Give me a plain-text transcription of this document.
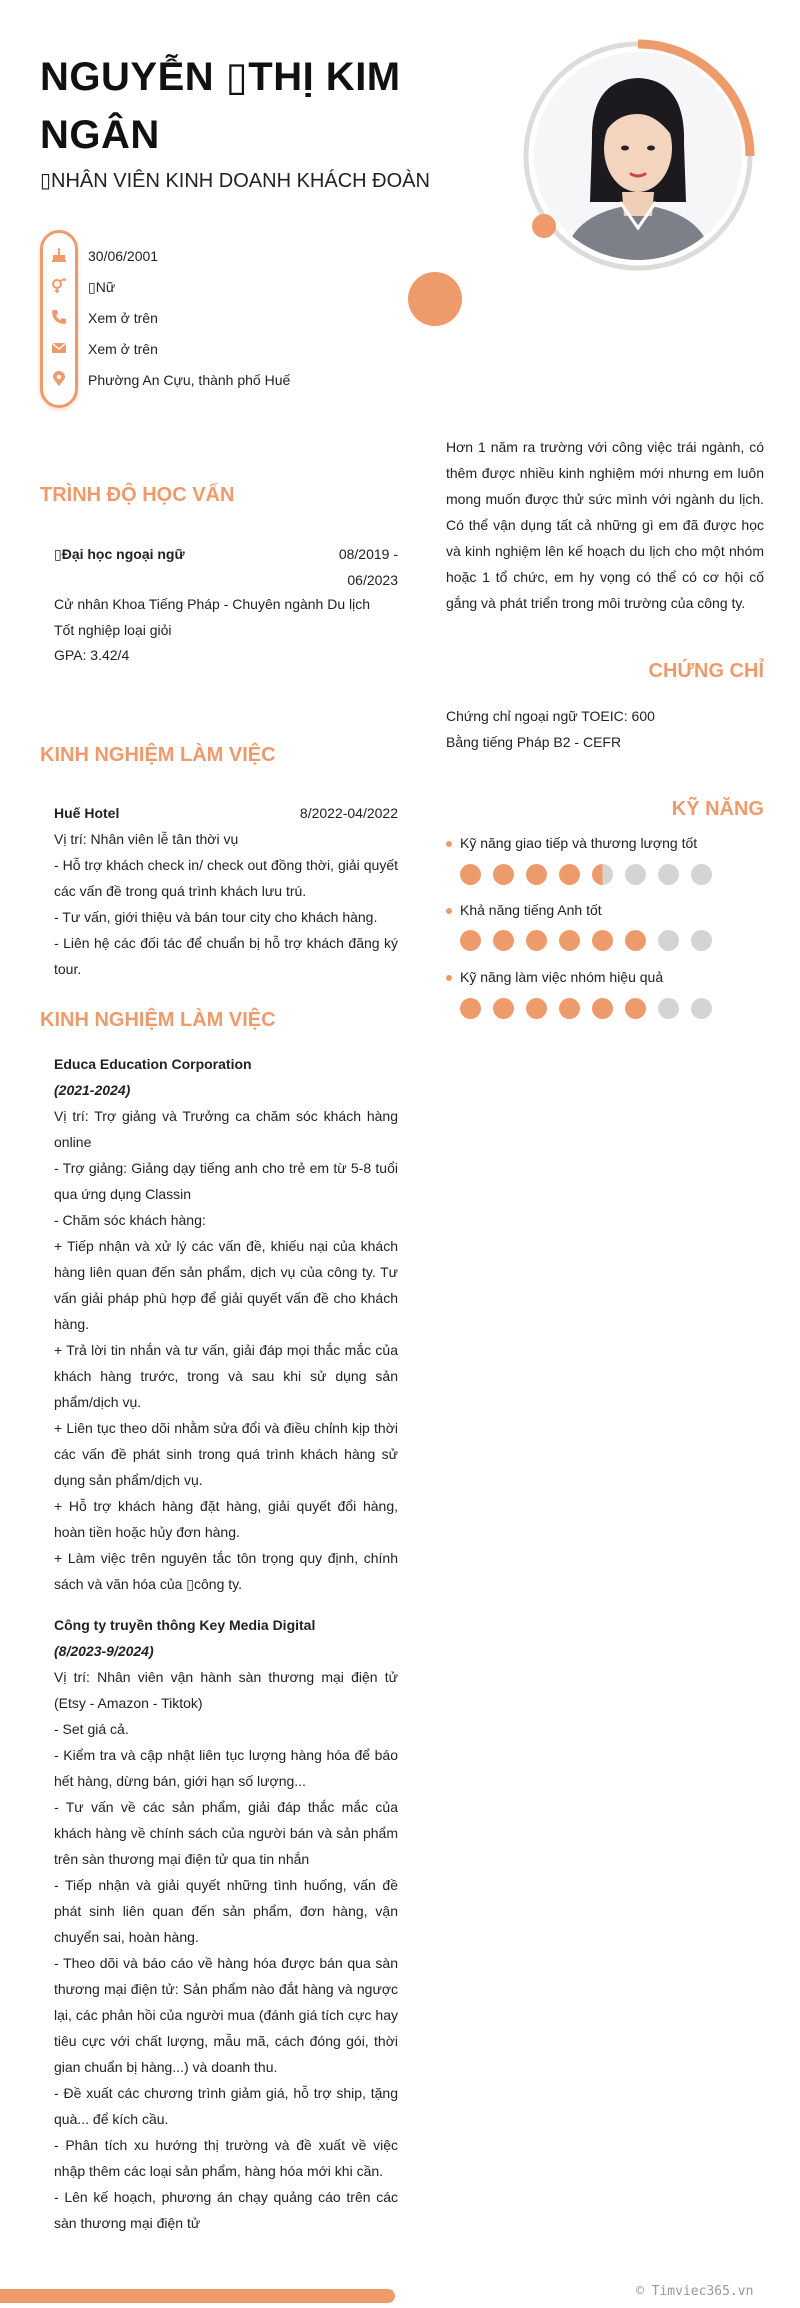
NGUYỄN ▯THỊ KIM NGÂN
▯NHÂN VIÊN KINH DOANH KHÁCH ĐOÀN
30/06/2001
▯Nữ
Xem ở trên
Xem ở trên
Phường An Cựu, thành phố Huế
Hơn 1 năm ra trường với công việc trái ngành, có thêm được nhiều kinh nghiệm mới nhưng em luôn mong muốn được thử sức mình với ngành du lịch. Có thể vận dụng tất cả những gì em đã được học và kinh nghiệm lên kế hoạch du lịch cho một nhóm hoặc 1 tổ chức, em hy vọng có thể có cơ hội cố gắng và phát triển trong môi trường của công ty.
TRÌNH ĐỘ HỌC VẤN
▯Đại học ngoại ngữ	08/2019 -
06/2023
Cử nhân Khoa Tiếng Pháp - Chuyên ngành Du lịch
Tốt nghiệp loại giỏi
GPA: 3.42/4
CHỨNG CHỈ
Chứng chỉ ngoại ngữ TOEIC: 600
Bằng tiếng Pháp B2 - CEFR
KỸ NĂNG
Kỹ năng giao tiếp và thương lượng tốt
Khả năng tiếng Anh tốt
Kỹ năng làm việc nhóm hiệu quả
KINH NGHIỆM LÀM VIỆC
Huế Hotel	8/2022-04/2022
Vị trí: Nhân viên lễ tân thời vụ
- Hỗ trợ khách check in/ check out đồng thời, giải quyết các vấn đề trong quá trình khách lưu trú.
- Tư vấn, giới thiệu và bán tour city cho khách hàng.
- Liên hệ các đối tác để chuẩn bị hỗ trợ khách đăng ký tour.
KINH NGHIỆM LÀM VIỆC
Educa Education Corporation
(2021-2024)
Vị trí: Trợ giảng và Trưởng ca chăm sóc khách hàng online
- Trợ giảng: Giảng dạy tiếng anh cho trẻ em từ 5-8 tuổi qua ứng dụng Classin
- Chăm sóc khách hàng:
+ Tiếp nhận và xử lý các vấn đề, khiếu nại của khách hàng liên quan đến sản phẩm, dịch vụ của công ty. Tư vấn giải pháp phù hợp để giải quyết vấn đề cho khách hàng.
+ Trả lời tin nhắn và tư vấn, giải đáp mọi thắc mắc của khách hàng trước, trong và sau khi sử dụng sản phẩm/dịch vụ.
+ Liên tục theo dõi nhằm sửa đổi và điều chỉnh kịp thời các vấn đề phát sinh trong quá trình khách hàng sử dụng sản phẩm/dịch vụ.
+ Hỗ trợ khách hàng đặt hàng, giải quyết đổi hàng, hoàn tiền hoặc hủy đơn hàng.
+ Làm việc trên nguyên tắc tôn trọng quy định, chính sách và văn hóa của ▯công ty.
Công ty truyền thông Key Media Digital
(8/2023-9/2024)
Vị trí: Nhân viên vận hành sàn thương mại điện tử (Etsy - Amazon - Tiktok)
- Set giá cả.
- Kiểm tra và cập nhật liên tục lượng hàng hóa để báo hết hàng, dừng bán, giới hạn số lượng...
- Tư vấn về các sản phẩm, giải đáp thắc mắc của khách hàng về chính sách của người bán và sản phẩm trên sàn thương mại điện tử qua tin nhắn
- Tiếp nhận và giải quyết những tình huống, vấn đề phát sinh liên quan đến sản phẩm, đơn hàng, vận chuyển sai, hoàn hàng.
- Theo dõi và báo cáo về hàng hóa được bán qua sàn thương mại điện tử: Sản phẩm nào đắt hàng và ngược lại, các phản hồi của người mua (đánh giá tích cực hay tiêu cực với chất lượng, mẫu mã, cách đóng gói, thời gian chuẩn bị hàng...) và doanh thu.
- Đề xuất các chương trình giảm giá, hỗ trợ ship, tặng quà... để kích cầu.
- Phân tích xu hướng thị trường và đề xuất về việc nhập thêm các loại sản phẩm, hàng hóa mới khi cần.
- Lên kế hoạch, phương án chạy quảng cáo trên các sàn thương mại điện tử
© Timviec365.vn
